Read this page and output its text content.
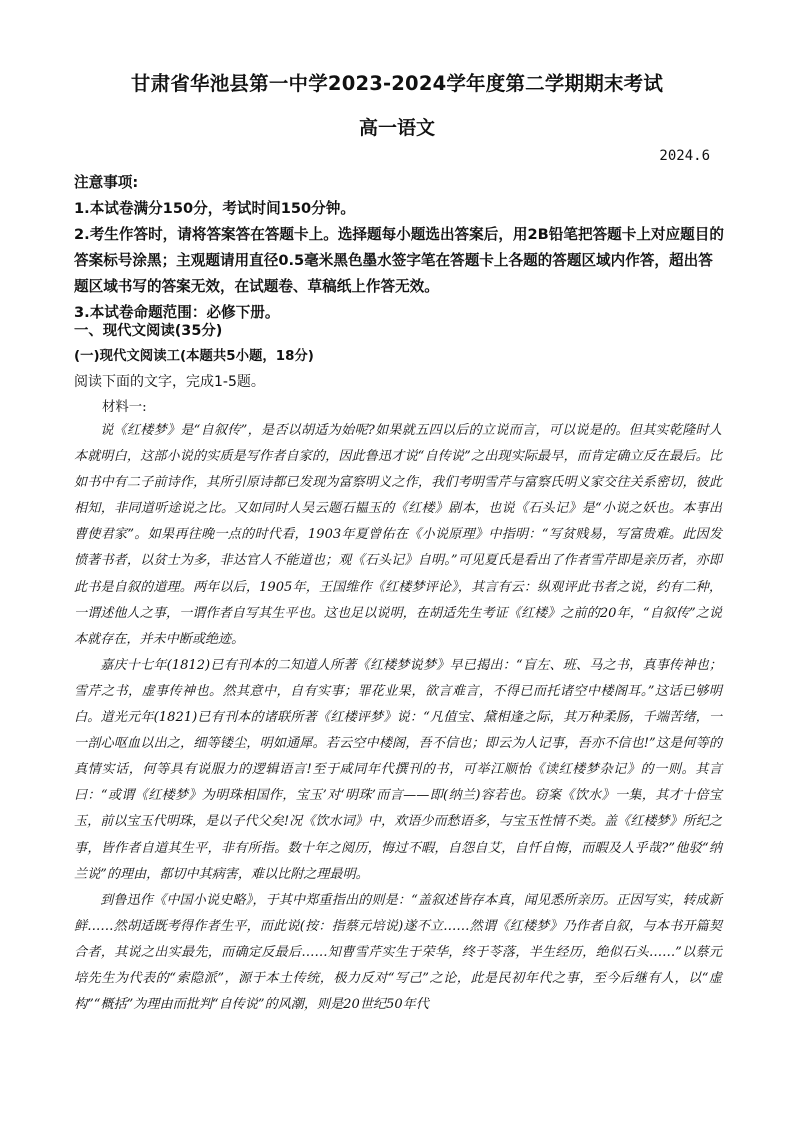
甘肃省华池县第一中学2023-2024学年度第二学期期末考试
高一语文
2024.6

注意事项:

1.本试卷满分150分，考试时间150分钟。

2.考生作答时，请将答案答在答题卡上。选择题每小题选出答案后，用2B铅笔把答题卡上对应题目的答案标号涂黑；主观题请用直径0.5毫米黑色墨水签字笔在答题卡上各题的答题区域内作答，超出答题区域书写的答案无效，在试题卷、草稿纸上作答无效。

3.本试卷命题范围：必修下册。

一、现代文阅读(35分)
(一)现代文阅读工(本题共5小题，18分)
阅读下面的文字，完成1-5题。
材料一:

说《红楼梦》是“自叙传”，是否以胡适为始呢?如果就五四以后的立说而言，可以说是的。但其实乾隆时人本就明白，这部小说的实质是写作者自家的，因此鲁迅才说“自传说”之出现实际最早，而肯定确立反在最后。比如书中有二子前诗作，其所引原诗都已发现为富察明义之作，我们考明雪芹与富察氏明义家交往关系密切，彼此相知，非同道听途说之比。又如同时人吴云题石韫玉的《红楼》剧本，也说《石头记》是“小说之妖也。本事出曹使君家”。如果再往晚一点的时代看，1903年夏曾佑在《小说原理》中指明：“写贫贱易，写富贵难。此因发愤著书者，以贫士为多，非达官人不能道也；观《石头记》自明。”可见夏氏是看出了作者雪芹即是亲历者，亦即此书是自叙的道理。两年以后，1905年，王国维作《红楼梦评论》，其言有云：纵观评此书者之说，约有二种，一谓述他人之事，一谓作者自写其生平也。这也足以说明，在胡适先生考证《红楼》之前的20年，“自叙传”之说本就存在，并未中断或绝迹。

嘉庆十七年(1812)已有刊本的二知道人所著《红楼梦说梦》早已揭出：“盲左、班、马之书，真事传神也；雪芹之书，虚事传神也。然其意中，自有实事；罪花业果，欲言难言，不得已而托诸空中楼阁耳。”这话已够明白。道光元年(1821)已有刊本的诸联所著《红楼评梦》说：“凡值宝、黛相逢之际，其万种柔肠，千端苦绪，一一剖心呕血以出之，细等镂尘，明如通犀。若云空中楼阁，吾不信也；即云为人记事，吾亦不信也!”这是何等的真情实话，何等具有说服力的逻辑语言!至于咸同年代撰刊的书，可举江顺怡《读红楼梦杂记》的一则。其言曰：“或谓《红楼梦》为明珠相国作，宝玉’对‘明珠’而言——即(纳兰)容若也。窃案《饮水》一集，其才十倍宝玉，前以宝玉代明珠，是以子代父矣!况《饮水词》中，欢语少而愁语多，与宝玉性情不类。盖《红楼梦》所纪之事，皆作者自道其生平，非有所指。数十年之阅历，悔过不暇，自怨自艾，自忏自悔，而暇及人乎哉?”他驳“纳兰说”的理由，都切中其病害，难以比附之理最明。

到鲁迅作《中国小说史略》，于其中郑重指出的则是：“盖叙述皆存本真，闻见悉所亲历。正因写实，转成新鲜……然胡适既考得作者生平，而此说(按：指蔡元培说)遂不立……然谓《红楼梦》乃作者自叙，与本书开篇契合者，其说之出实最先，而确定反最后……知曹雪芹实生于荣华，终于苓落，半生经历，绝似石头……”以蔡元培先生为代表的“索隐派”，源于本土传统，极力反对“写己”之论，此是民初年代之事，至今后继有人，以“虚构”“概括”为理由而批判“自传说”的风潮，则是20世纪50年代
